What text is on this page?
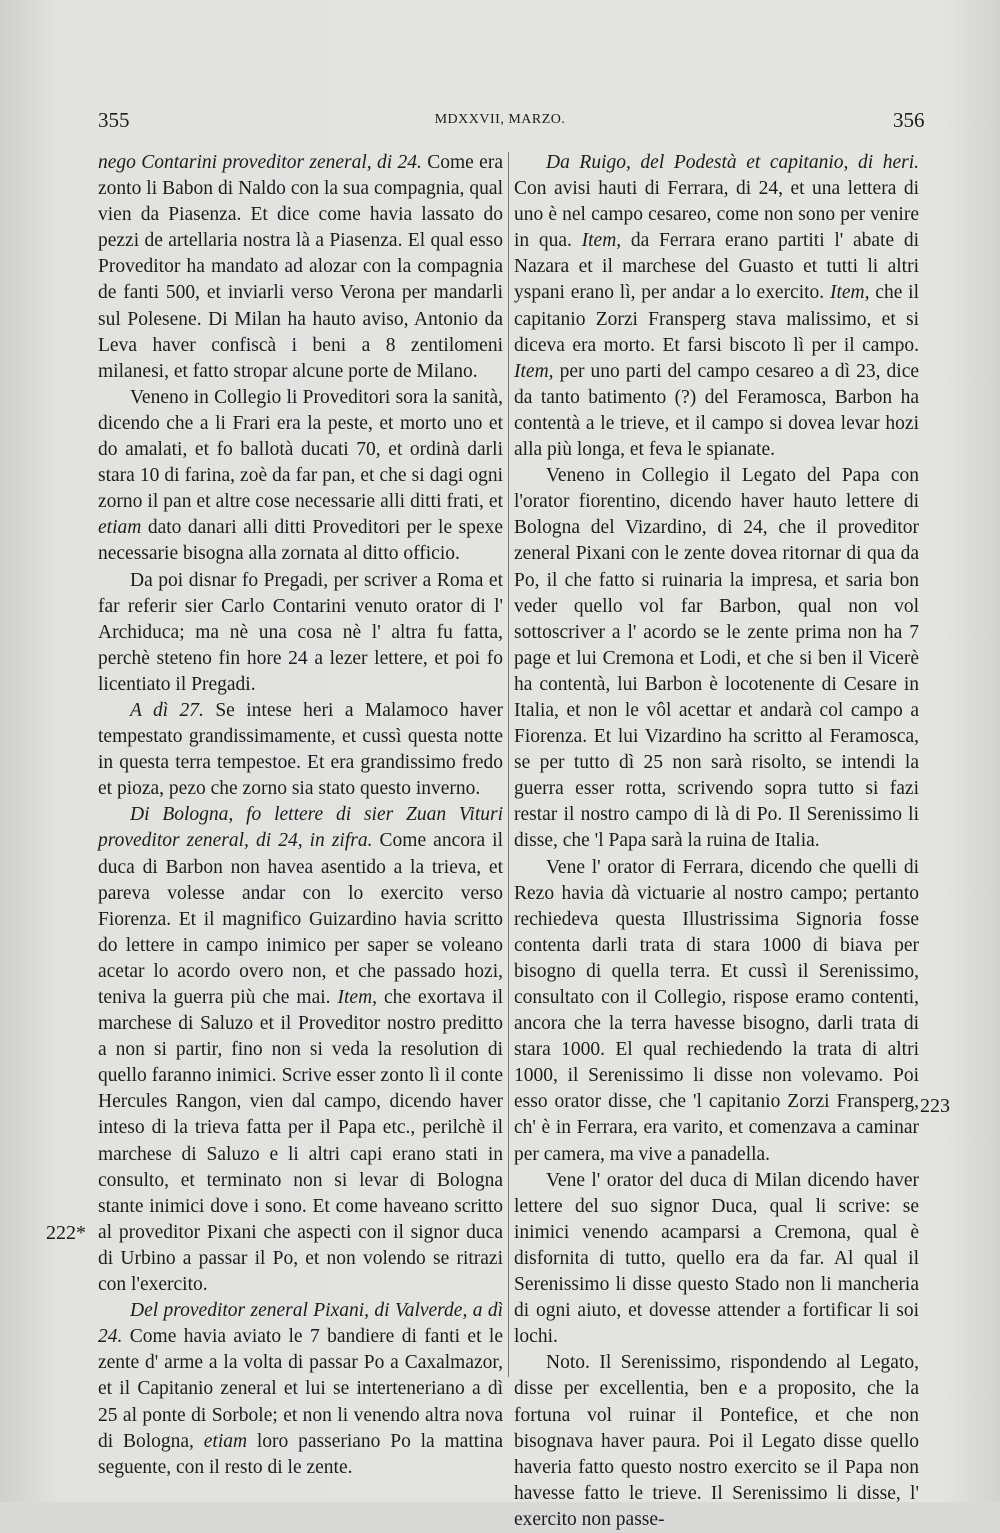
355	MDXXVII, MARZO.	356
222*
223

nego Contarini proveditor zeneral, di 24. Come era zonto li Babon di Naldo con la sua compagnia, qual vien da Piasenza. Et dice come havia lassato do pezzi de artellaria nostra là a Piasenza. El qual esso Proveditor ha mandato ad alozar con la compagnia de fanti 500, et inviarli verso Verona per mandarli sul Polesene. Di Milan ha hauto aviso, Antonio da Leva haver confiscà i beni a 8 zentilomeni milanesi, et fatto stropar alcune porte de Milano.

Veneno in Collegio li Proveditori sora la sanità, dicendo che a li Frari era la peste, et morto uno et do amalati, et fo ballotà ducati 70, et ordinà darli stara 10 di farina, zoè da far pan, et che si dagi ogni zorno il pan et altre cose necessarie alli ditti frati, et etiam dato danari alli ditti Proveditori per le spexe necessarie bisogna alla zornata al ditto officio.

Da poi disnar fo Pregadi, per scriver a Roma et far referir sier Carlo Contarini venuto orator di l' Archiduca; ma nè una cosa nè l' altra fu fatta, perchè steteno fin hore 24 a lezer lettere, et poi fo licentiato il Pregadi.

A dì 27. Se intese heri a Malamoco haver tempestato grandissimamente, et cussì questa notte in questa terra tempestoe. Et era grandissimo fredo et pioza, pezo che zorno sia stato questo inverno.

Di Bologna, fo lettere di sier Zuan Vituri proveditor zeneral, di 24, in zifra. Come ancora il duca di Barbon non havea asentido a la trieva, et pareva volesse andar con lo exercito verso Fiorenza. Et il magnifico Guizardino havia scritto do lettere in campo inimico per saper se voleano acetar lo acordo overo non, et che passado hozi, teniva la guerra più che mai. Item, che exortava il marchese di Saluzo et il Proveditor nostro preditto a non si partir, fino non si veda la resolution di quello faranno inimici. Scrive esser zonto lì il conte Hercules Rangon, vien dal campo, dicendo haver inteso di la trieva fatta per il Papa etc., perilchè il marchese di Saluzo e li altri capi erano stati in consulto, et terminato non si levar di Bologna stante inimici dove i sono. Et come haveano scritto al proveditor Pixani che aspecti con il signor duca di Urbino a passar il Po, et non volendo se ritrazi con l'exercito.

Del proveditor zeneral Pixani, di Valverde, a dì 24. Come havia aviato le 7 bandiere di fanti et le zente d' arme a la volta di passar Po a Caxalmazor, et il Capitanio zeneral et lui se interteneriano a dì 25 al ponte di Sorbole; et non li venendo altra nova di Bologna, etiam loro passeriano Po la mattina seguente, con il resto di le zente.

Da Ruigo, del Podestà et capitanio, di heri. Con avisi hauti di Ferrara, di 24, et una lettera di uno è nel campo cesareo, come non sono per venire in qua. Item, da Ferrara erano partiti l' abate di Nazara et il marchese del Guasto et tutti li altri yspani erano lì, per andar a lo exercito. Item, che il capitanio Zorzi Fransperg stava malissimo, et si diceva era morto. Et farsi biscoto lì per il campo. Item, per uno parti del campo cesareo a dì 23, dice da tanto batimento (?) del Feramosca, Barbon ha contentà a le trieve, et il campo si dovea levar hozi alla più longa, et feva le spianate.

Veneno in Collegio il Legato del Papa con l'orator fiorentino, dicendo haver hauto lettere di Bologna del Vizardino, di 24, che il proveditor zeneral Pixani con le zente dovea ritornar di qua da Po, il che fatto si ruinaria la impresa, et saria bon veder quello vol far Barbon, qual non vol sottoscriver a l' acordo se le zente prima non ha 7 page et lui Cremona et Lodi, et che si ben il Vicerè ha contentà, lui Barbon è locotenente di Cesare in Italia, et non le vôl acettar et andarà col campo a Fiorenza. Et lui Vizardino ha scritto al Feramosca, se per tutto dì 25 non sarà risolto, se intendi la guerra esser rotta, scrivendo sopra tutto si fazi restar il nostro campo di là di Po. Il Serenissimo li disse, che 'l Papa sarà la ruina de Italia.

Vene l' orator di Ferrara, dicendo che quelli di Rezo havia dà victuarie al nostro campo; pertanto rechiedeva questa Illustrissima Signoria fosse contenta darli trata di stara 1000 di biava per bisogno di quella terra. Et cussì il Serenissimo, consultato con il Collegio, rispose eramo contenti, ancora che la terra havesse bisogno, darli trata di stara 1000. El qual rechiedendo la trata di altri 1000, il Serenissimo li disse non volevamo. Poi esso orator disse, che 'l capitanio Zorzi Fransperg, ch' è in Ferrara, era varito, et comenzava a caminar per camera, ma vive a panadella.

Vene l' orator del duca di Milan dicendo haver lettere del suo signor Duca, qual li scrive: se inimici venendo acamparsi a Cremona, qual è disfornita di tutto, quello era da far. Al qual il Serenissimo li disse questo Stado non li mancheria di ogni aiuto, et dovesse attender a fortificar li soi lochi.

Noto. Il Serenissimo, rispondendo al Legato, disse per excellentia, ben e a proposito, che la fortuna vol ruinar il Pontefice, et che non bisognava haver paura. Poi il Legato disse quello haveria fatto questo nostro exercito se il Papa non havesse fatto le trieve. Il Serenissimo li disse, l' exercito non passe-
